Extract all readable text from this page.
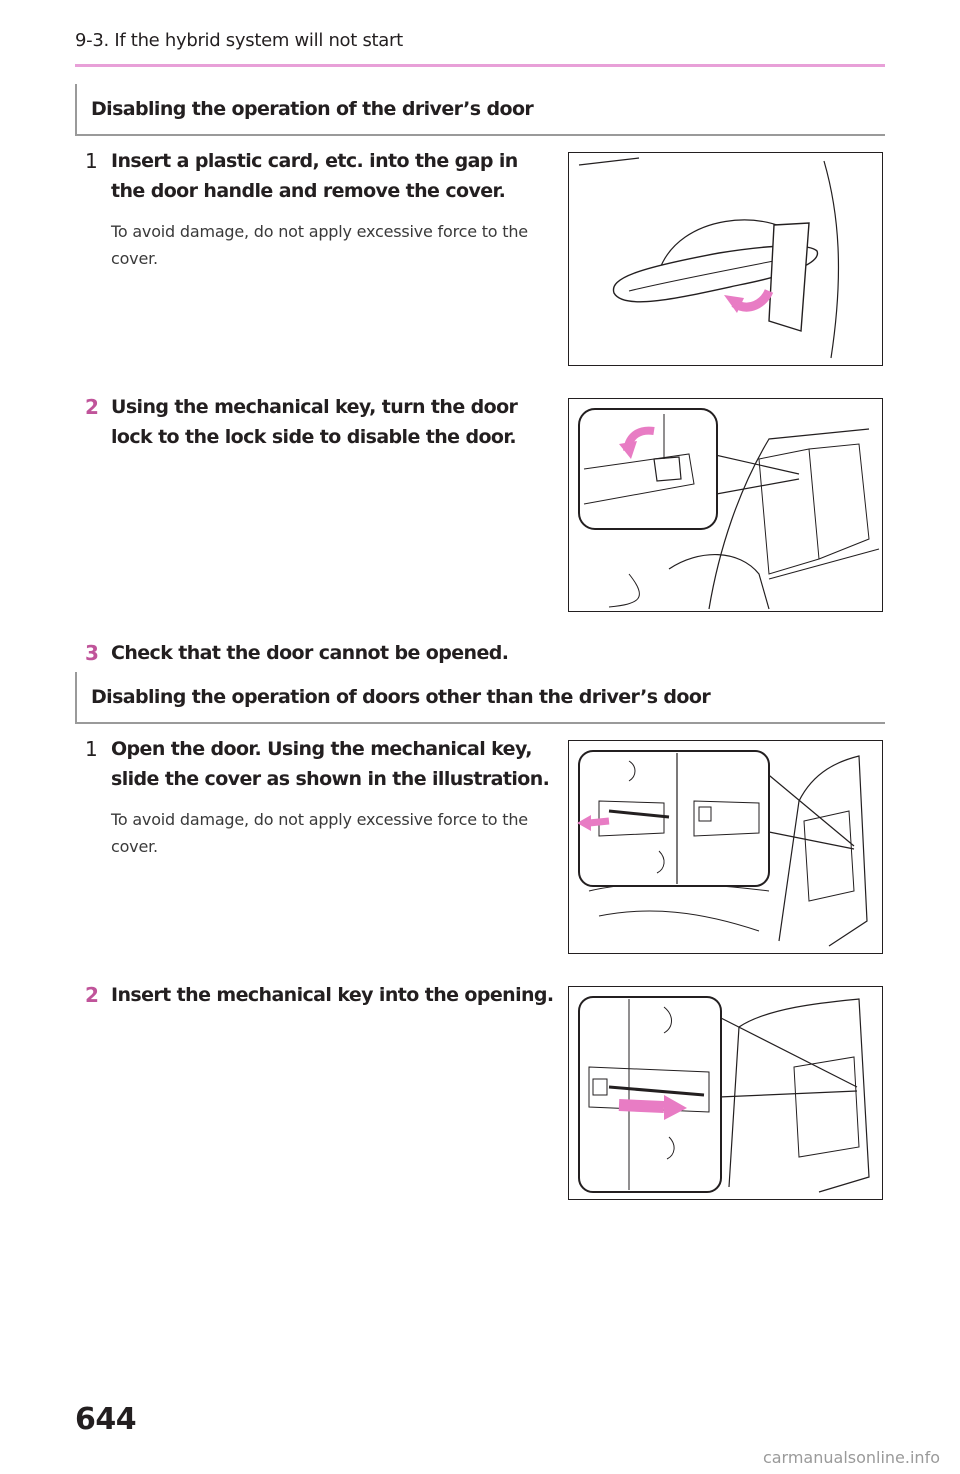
9-3. If the hybrid system will not start
Disabling the operation of the driver’s door
1 Insert a plastic card, etc. into the gap in the door handle and remove the cover.
To avoid damage, do not apply excessive force to the cover.
2 Using the mechanical key, turn the door lock to the lock side to disable the door.
3 Check that the door cannot be opened.
Disabling the operation of doors other than the driver’s door
1 Open the door. Using the mechanical key, slide the cover as shown in the illustration.
To avoid damage, do not apply excessive force to the cover.
2 Insert the mechanical key into the opening.
644
carmanualsonline.info
